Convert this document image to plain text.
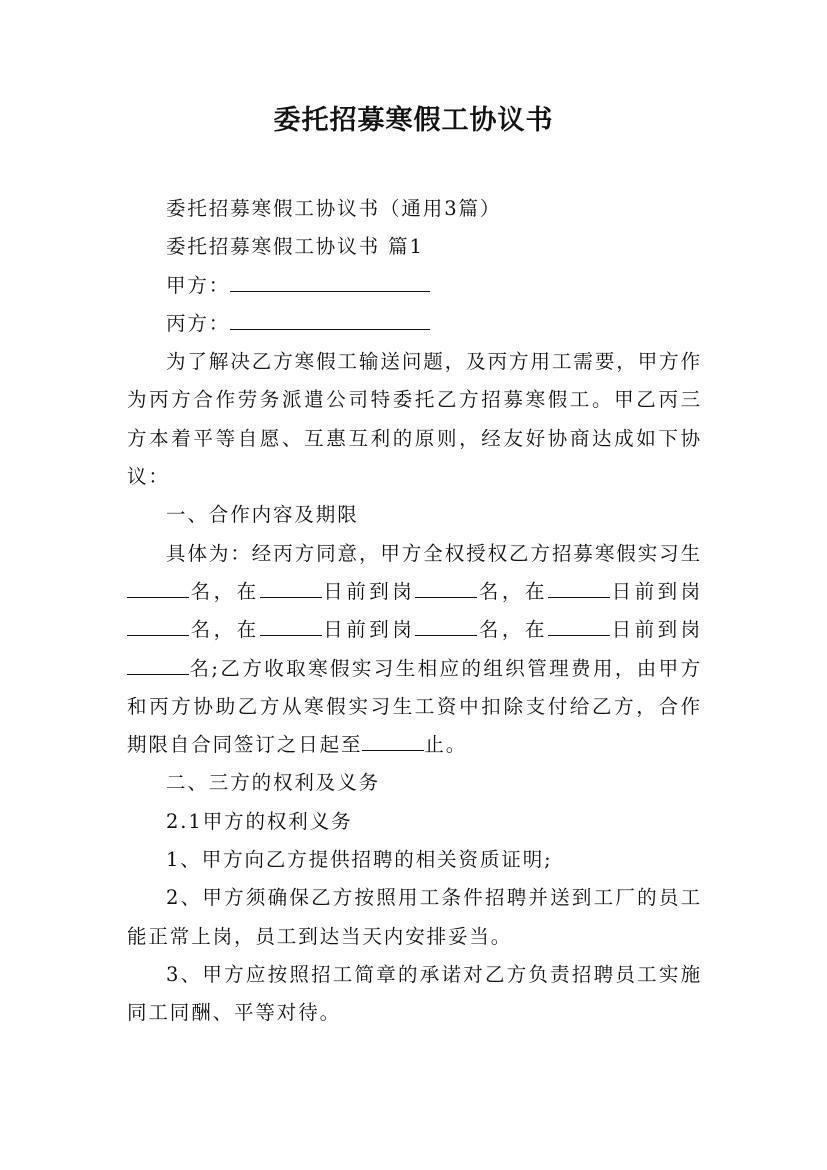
委托招募寒假工协议书

委托招募寒假工协议书（通用3篇）

委托招募寒假工协议书 篇1

甲方：

丙方：

为了解决乙方寒假工输送问题，及丙方用工需要，甲方作为丙方合作劳务派遣公司特委托乙方招募寒假工。甲乙丙三方本着平等自愿、互惠互利的原则，经友好协商达成如下协议：

一、合作内容及期限

具体为：经丙方同意，甲方全权授权乙方招募寒假实习生名，在	日前到岗	名，在	日前到岗名，在	日前到岗	名，在	日前到岗名;乙方收取寒假实习生相应的组织管理费用，由甲方和丙方协助乙方从寒假实习生工资中扣除支付给乙方，合作期限自合同签订之日起至	止。

二、三方的权利及义务

2.1甲方的权利义务

1、甲方向乙方提供招聘的相关资质证明;

2、甲方须确保乙方按照用工条件招聘并送到工厂的员工能正常上岗，员工到达当天内安排妥当。

3、甲方应按照招工简章的承诺对乙方负责招聘员工实施同工同酬、平等对待。
